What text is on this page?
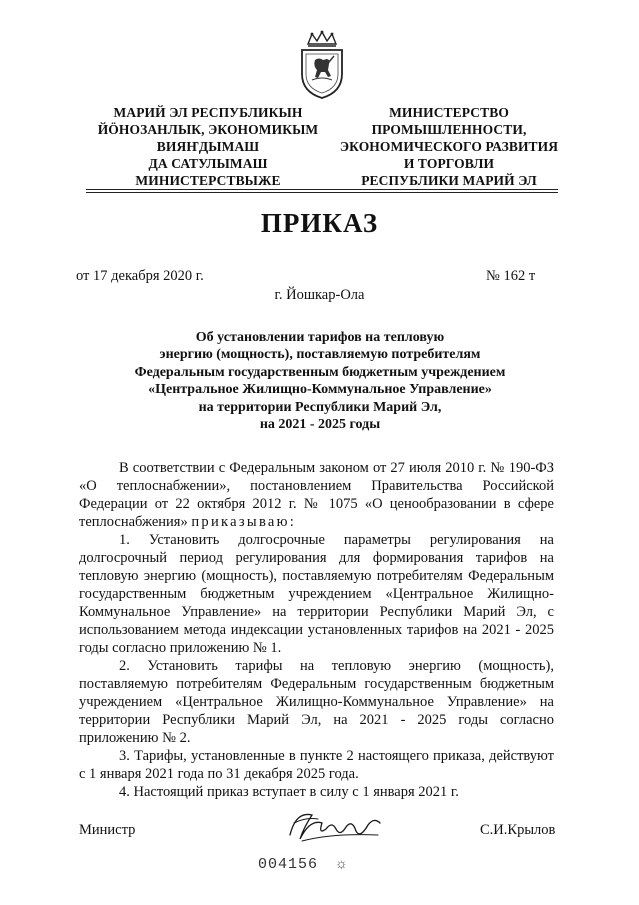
МАРИЙ ЭЛ РЕСПУБЛИКЫН
ЙÖНОЗАНЛЫК, ЭКОНОМИКЫМ
ВИЯҤДЫМАШ
ДА САТУЛЫМАШ
МИНИСТЕРСТВЫЖЕ
МИНИСТЕРСТВО
ПРОМЫШЛЕННОСТИ,
ЭКОНОМИЧЕСКОГО РАЗВИТИЯ
И ТОРГОВЛИ
РЕСПУБЛИКИ МАРИЙ ЭЛ
ПРИКАЗ
от 17 декабря 2020 г.	№ 162 т
г. Йошкар-Ола
Об установлении тарифов на тепловую
энергию (мощность), поставляемую потребителям
Федеральным государственным бюджетным учреждением
«Центральное Жилищно-Коммунальное Управление»
на территории Республики Марий Эл,
на 2021 - 2025 годы

В соответствии с Федеральным законом от 27 июля 2010 г. № 190-ФЗ «О теплоснабжении», постановлением Правительства Российской Федерации от 22 октября 2012 г. № 1075 «О ценообразовании в сфере теплоснабжения» приказываю:

1. Установить долгосрочные параметры регулирования на долгосрочный период регулирования для формирования тарифов на тепловую энергию (мощность), поставляемую потребителям Федеральным государственным бюджетным учреждением «Центральное Жилищно-Коммунальное Управление» на территории Республики Марий Эл, с использованием метода индексации установленных тарифов на 2021 - 2025 годы согласно приложению № 1.

2. Установить тарифы на тепловую энергию (мощность), поставляемую потребителям Федеральным государственным бюджетным учреждением «Центральное Жилищно-Коммунальное Управление» на территории Республики Марий Эл, на 2021 - 2025 годы согласно приложению № 2.

3. Тарифы, установленные в пункте 2 настоящего приказа, действуют с 1 января 2021 года по 31 декабря 2025 года.

4. Настоящий приказ вступает в силу с 1 января 2021 г.

Министр	С.И.Крылов
004156 ☼
